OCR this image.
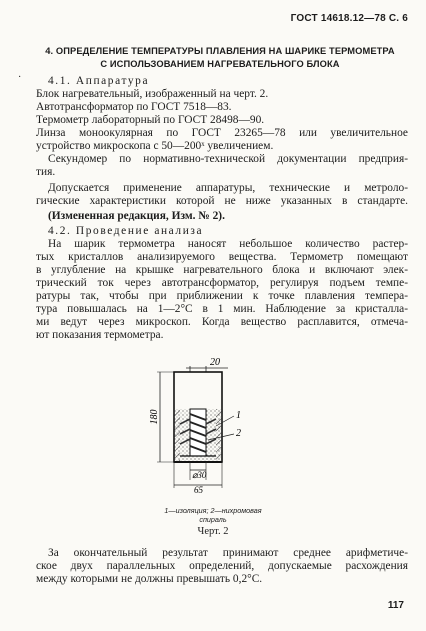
ГОСТ 14618.12—78 С. 6
·
4. ОПРЕДЕЛЕНИЕ ТЕМПЕРАТУРЫ ПЛАВЛЕНИЯ НА ШАРИКЕ ТЕРМОМЕТРА
С ИСПОЛЬЗОВАНИЕМ НАГРЕВАТЕЛЬНОГО БЛОКА
4.1. Аппаратура
Блок нагревательный, изображенный на черт. 2.
Автотрансформатор по ГОСТ 7518—83.
Термометр лабораторный по ГОСТ 28498—90.
Линза моноокулярная по ГОСТ 23265—78 или увеличительное
устройство микроскопа с 50—200ˣ увеличением.
Секундомер по нормативно-технической документации предприя-
тия.
Допускается применение аппаратуры, технические и метроло-
гические характеристики которой не ниже указанных в стандарте.
(Измененная редакция, Изм. № 2).
4.2. Проведение анализа
На шарик термометра наносят небольшое количество растер-
тых кристаллов анализируемого вещества. Термометр помещают
в углубление на крышке нагревательного блока и включают элек-
трический ток через автотрансформатор, регулируя подъем темпе-
ратуры так, чтобы при приближении к точке плавления темпера-
тура повышалась на 1—2°С в 1 мин. Наблюдение за кристалла-
ми ведут через микроскоп. Когда вещество расплавится, отмеча-
ют показания термометра.
20
180	1
2
⌀30
65
1—изоляция; 2—нихромовая
спираль
Черт. 2
За окончательный результат принимают среднее арифметиче-
ское двух параллельных определений, допускаемые расхождения
между которыми не должны превышать 0,2°С.
117
